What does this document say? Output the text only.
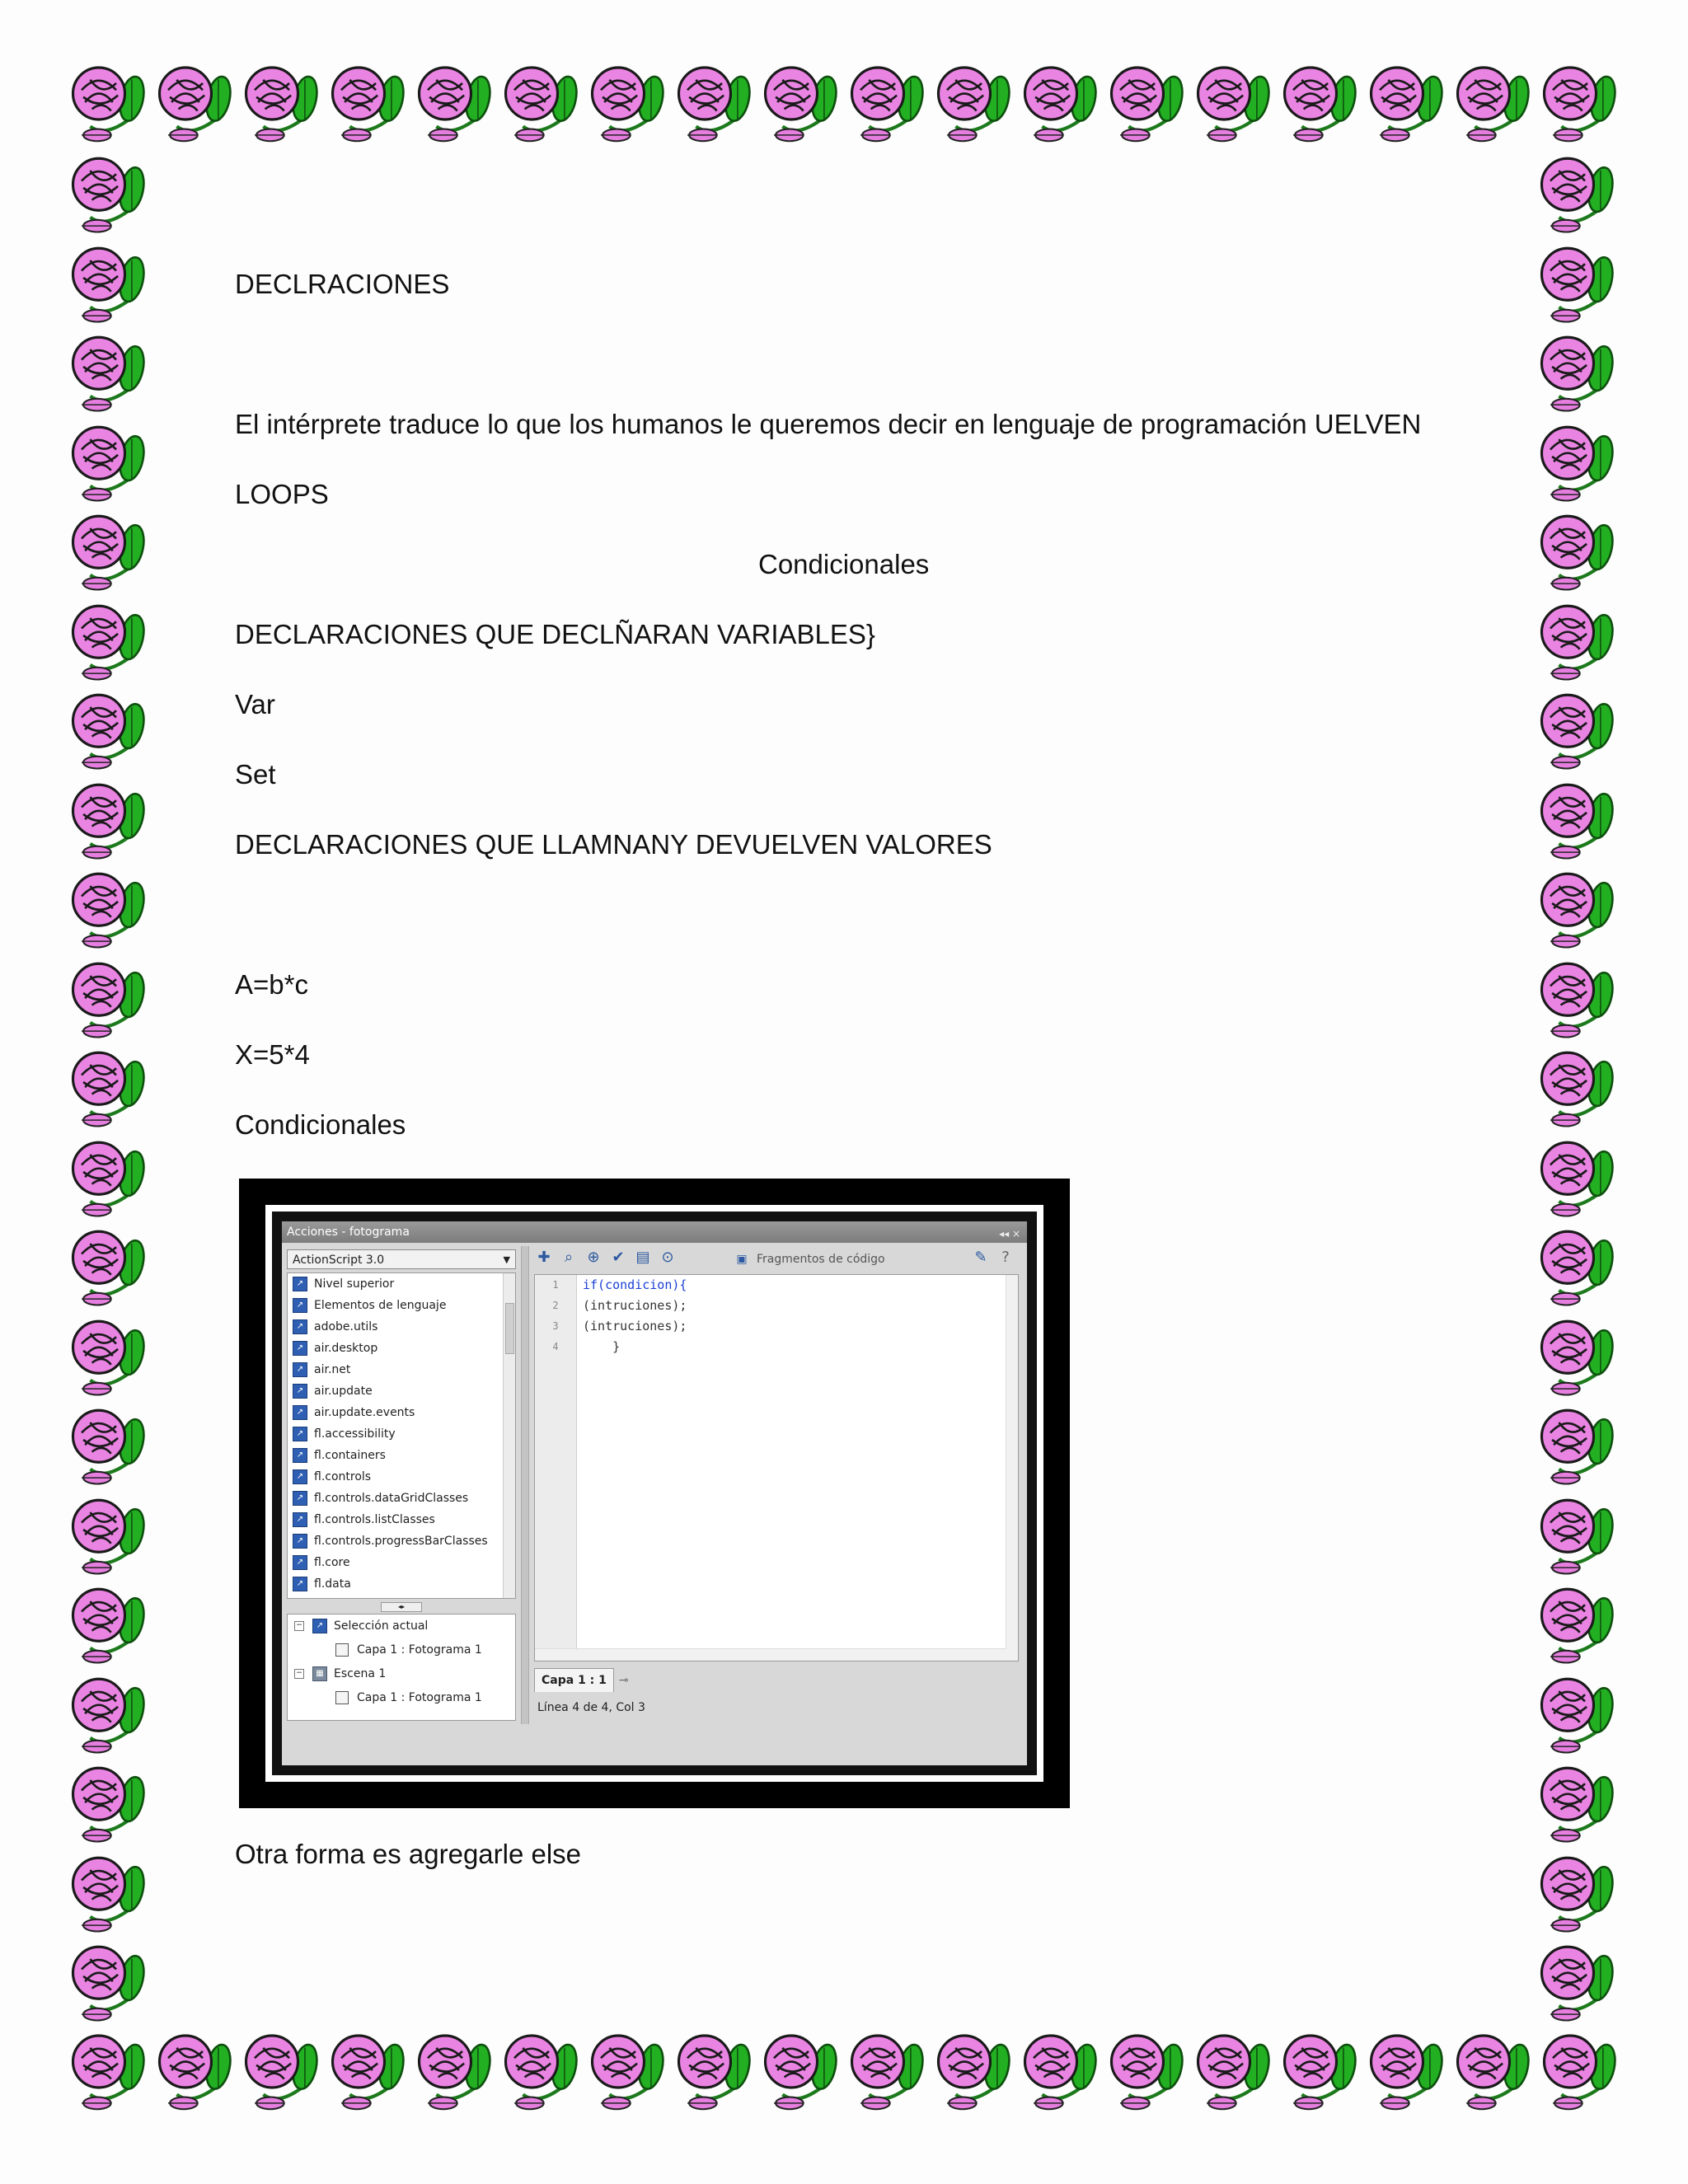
DECLRACIONES

El intérprete traduce lo que los humanos le queremos decir en lenguaje de programación UELVEN

LOOPS

Condicionales

DECLARACIONES QUE DECLÑARAN VARIABLES}

Var

Set

DECLARACIONES QUE LLAMNANY DEVUELVEN VALORES

A=b*c

X=5*4

Condicionales

Acciones - fotograma	◂◂ ×
ActionScript 3.0	▼
↗ Nivel superior
↗ Elementos de lenguaje
↗ adobe.utils
↗ air.desktop
↗ air.net
↗ air.update
↗ air.update.events
↗ fl.accessibility
↗ fl.containers
↗ fl.controls
↗ fl.controls.dataGridClasses
↗ fl.controls.listClasses
↗ fl.controls.progressBarClasses
↗ fl.core
↗ fl.data
◂▸
− ↗ Selección actual
Capa 1 : Fotograma 1
− ▦ Escena 1
Capa 1 : Fotograma 1
✚ ⌕ ⊕ ✔ ▤ ⊙	▣ Fragmentos de código	✎ ?
1
2
3
4
if(condicion){
(intruciones);
(intruciones);
}
Capa 1 : 1 ⊸
Línea 4 de 4, Col 3

Otra forma es agregarle else
